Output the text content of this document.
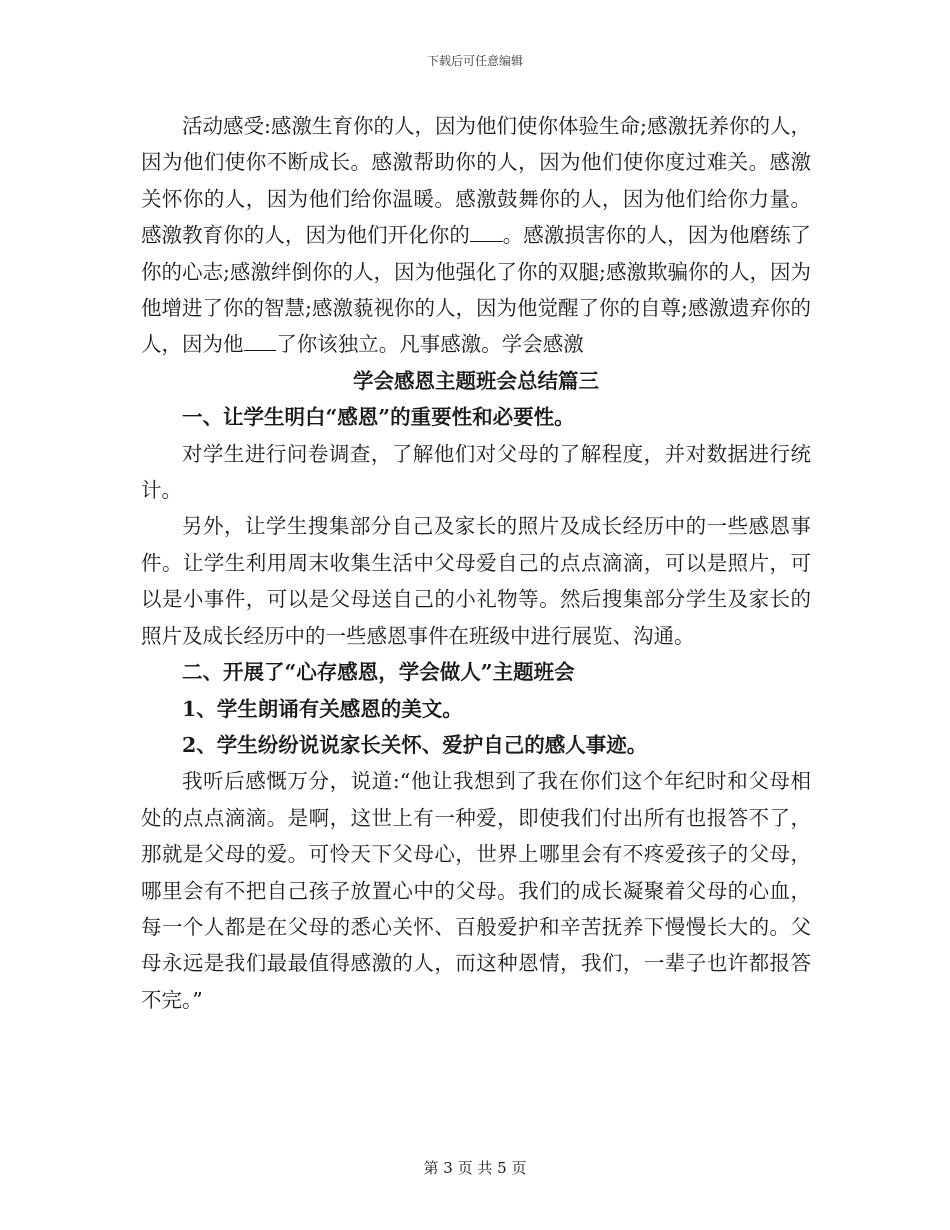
下载后可任意编辑

活动感受:感激生育你的人，因为他们使你体验生命;感激抚养你的人，因为他们使你不断成长。感激帮助你的人，因为他们使你度过难关。感激关怀你的人，因为他们给你温暖。感激鼓舞你的人，因为他们给你力量。感激教育你的人，因为他们开化你的 。感激损害你的人，因为他磨练了你的心志;感激绊倒你的人，因为他强化了你的双腿;感激欺骗你的人，因为他增进了你的智慧;感激藐视你的人，因为他觉醒了你的自尊;感激遗弃你的人，因为他 了你该独立。凡事感激。学会感激

学会感恩主题班会总结篇三

一、让学生明白“感恩”的重要性和必要性。

对学生进行问卷调查，了解他们对父母的了解程度，并对数据进行统计。

另外，让学生搜集部分自己及家长的照片及成长经历中的一些感恩事件。让学生利用周末收集生活中父母爱自己的点点滴滴，可以是照片，可以是小事件，可以是父母送自己的小礼物等。然后搜集部分学生及家长的照片及成长经历中的一些感恩事件在班级中进行展览、沟通。

二、开展了“心存感恩，学会做人”主题班会

1、学生朗诵有关感恩的美文。

2、学生纷纷说说家长关怀、爱护自己的感人事迹。

我听后感慨万分，说道:“他让我想到了我在你们这个年纪时和父母相处的点点滴滴。是啊，这世上有一种爱，即使我们付出所有也报答不了，那就是父母的爱。可怜天下父母心，世界上哪里会有不疼爱孩子的父母，哪里会有不把自己孩子放置心中的父母。我们的成长凝聚着父母的心血，每一个人都是在父母的悉心关怀、百般爱护和辛苦抚养下慢慢长大的。父母永远是我们最最值得感激的人，而这种恩情，我们，一辈子也许都报答不完。”

第 3 页 共 5 页
